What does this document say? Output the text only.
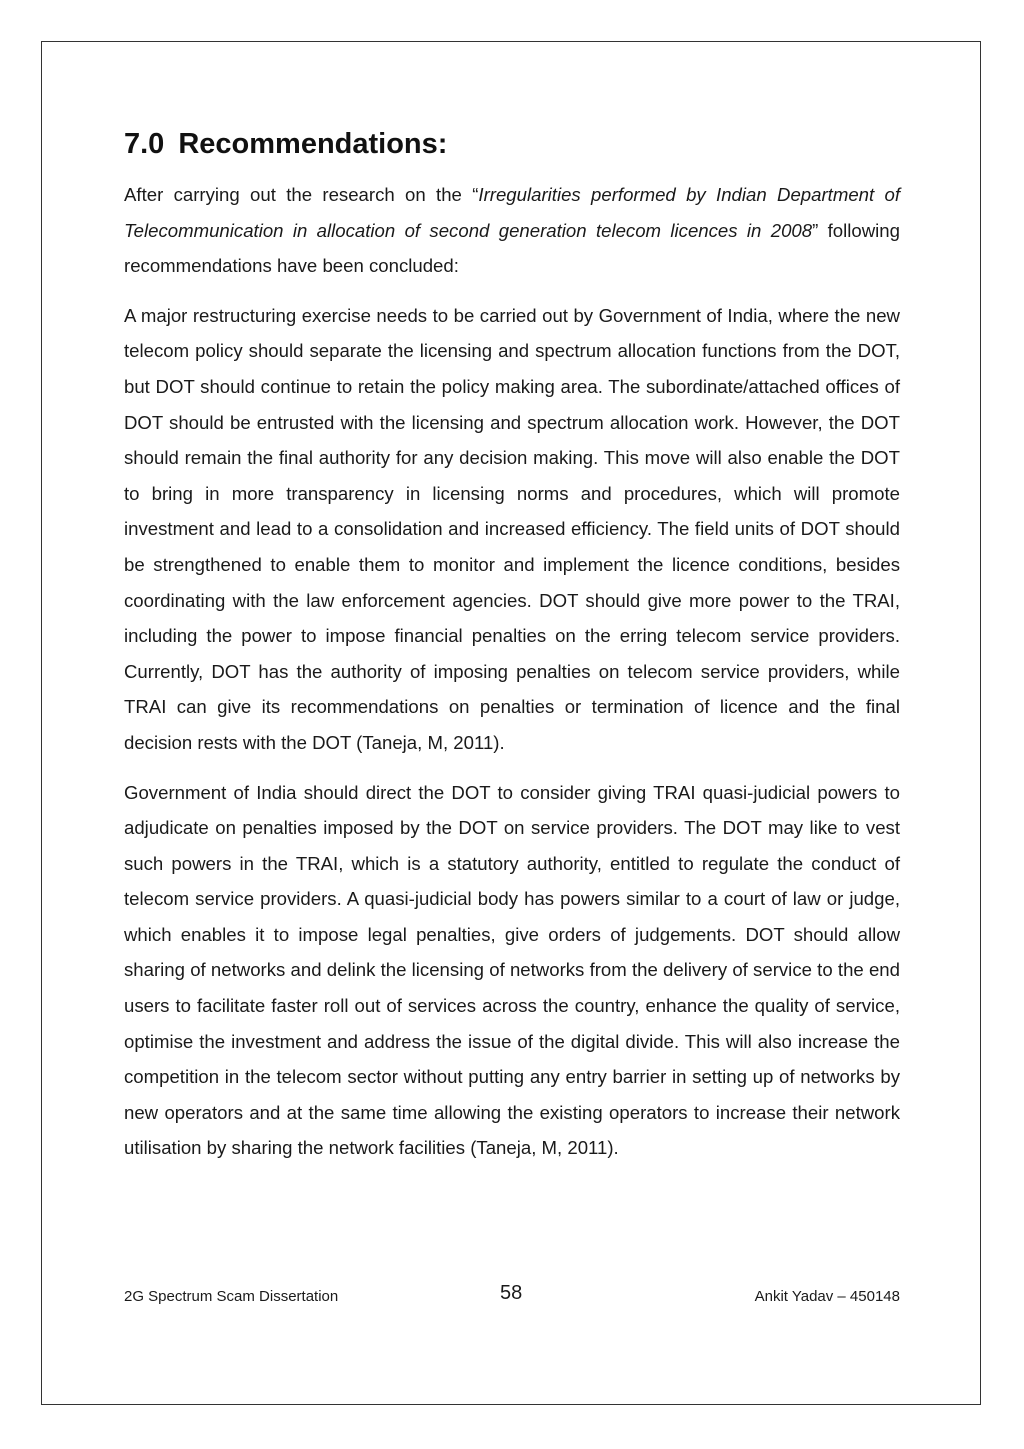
7.0 Recommendations:

After carrying out the research on the “Irregularities performed by Indian Department of Telecommunication in allocation of second generation telecom licences in 2008” following recommendations have been concluded:

A major restructuring exercise needs to be carried out by Government of India, where the new telecom policy should separate the licensing and spectrum allocation functions from the DOT, but DOT should continue to retain the policy making area. The subordinate/attached offices of DOT should be entrusted with the licensing and spectrum allocation work. However, the DOT should remain the final authority for any decision making. This move will also enable the DOT to bring in more transparency in licensing norms and procedures, which will promote investment and lead to a consolidation and increased efficiency. The field units of DOT should be strengthened to enable them to monitor and implement the licence conditions, besides coordinating with the law enforcement agencies. DOT should give more power to the TRAI, including the power to impose financial penalties on the erring telecom service providers. Currently, DOT has the authority of imposing penalties on telecom service providers, while TRAI can give its recommendations on penalties or termination of licence and the final decision rests with the DOT (Taneja, M, 2011).

Government of India should direct the DOT to consider giving TRAI quasi-judicial powers to adjudicate on penalties imposed by the DOT on service providers. The DOT may like to vest such powers in the TRAI, which is a statutory authority, entitled to regulate the conduct of telecom service providers. A quasi-judicial body has powers similar to a court of law or judge, which enables it to impose legal penalties, give orders of judgements. DOT should allow sharing of networks and delink the licensing of networks from the delivery of service to the end users to facilitate faster roll out of services across the country, enhance the quality of service, optimise the investment and address the issue of the digital divide. This will also increase the competition in the telecom sector without putting any entry barrier in setting up of networks by new operators and at the same time allowing the existing operators to increase their network utilisation by sharing the network facilities (Taneja, M, 2011).

2G Spectrum Scam Dissertation	58	Ankit Yadav – 450148
